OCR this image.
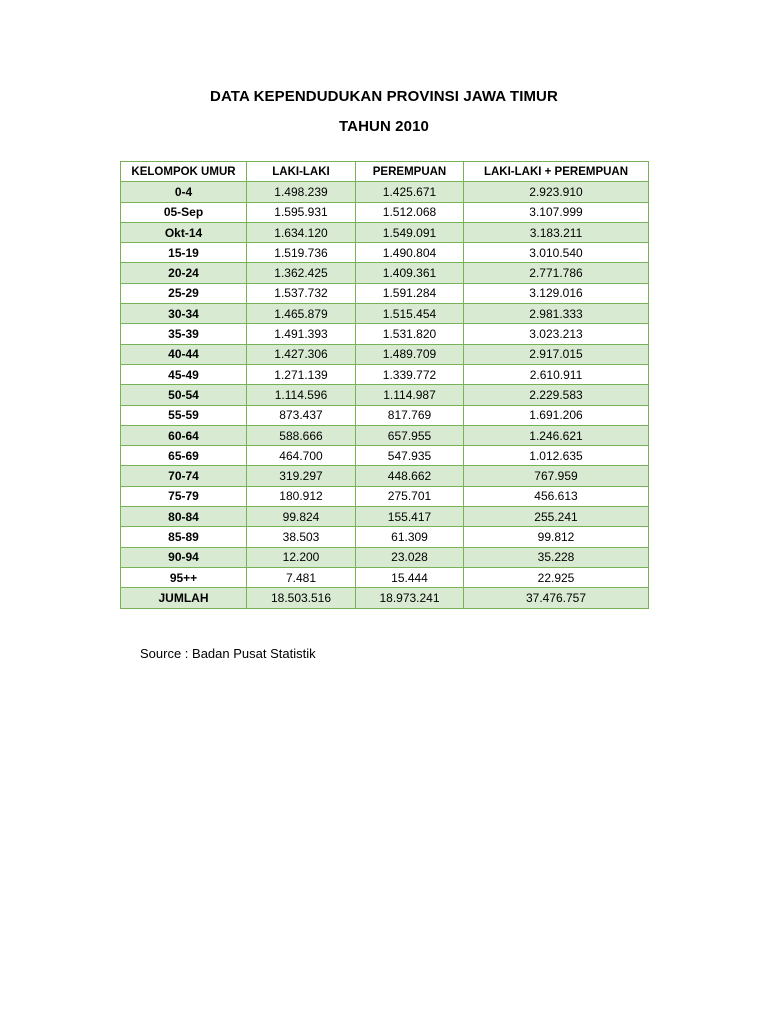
DATA KEPENDUDUKAN PROVINSI JAWA TIMUR
TAHUN 2010
KELOMPOK UMUR	LAKI-LAKI	PEREMPUAN	LAKI-LAKI + PEREMPUAN
0-4	1.498.239	1.425.671	2.923.910
05-Sep	1.595.931	1.512.068	3.107.999
Okt-14	1.634.120	1.549.091	3.183.211
15-19	1.519.736	1.490.804	3.010.540
20-24	1.362.425	1.409.361	2.771.786
25-29	1.537.732	1.591.284	3.129.016
30-34	1.465.879	1.515.454	2.981.333
35-39	1.491.393	1.531.820	3.023.213
40-44	1.427.306	1.489.709	2.917.015
45-49	1.271.139	1.339.772	2.610.911
50-54	1.114.596	1.114.987	2.229.583
55-59	873.437	817.769	1.691.206
60-64	588.666	657.955	1.246.621
65-69	464.700	547.935	1.012.635
70-74	319.297	448.662	767.959
75-79	180.912	275.701	456.613
80-84	99.824	155.417	255.241
85-89	38.503	61.309	99.812
90-94	12.200	23.028	35.228
95++	7.481	15.444	22.925
JUMLAH	18.503.516	18.973.241	37.476.757
Source : Badan Pusat Statistik
